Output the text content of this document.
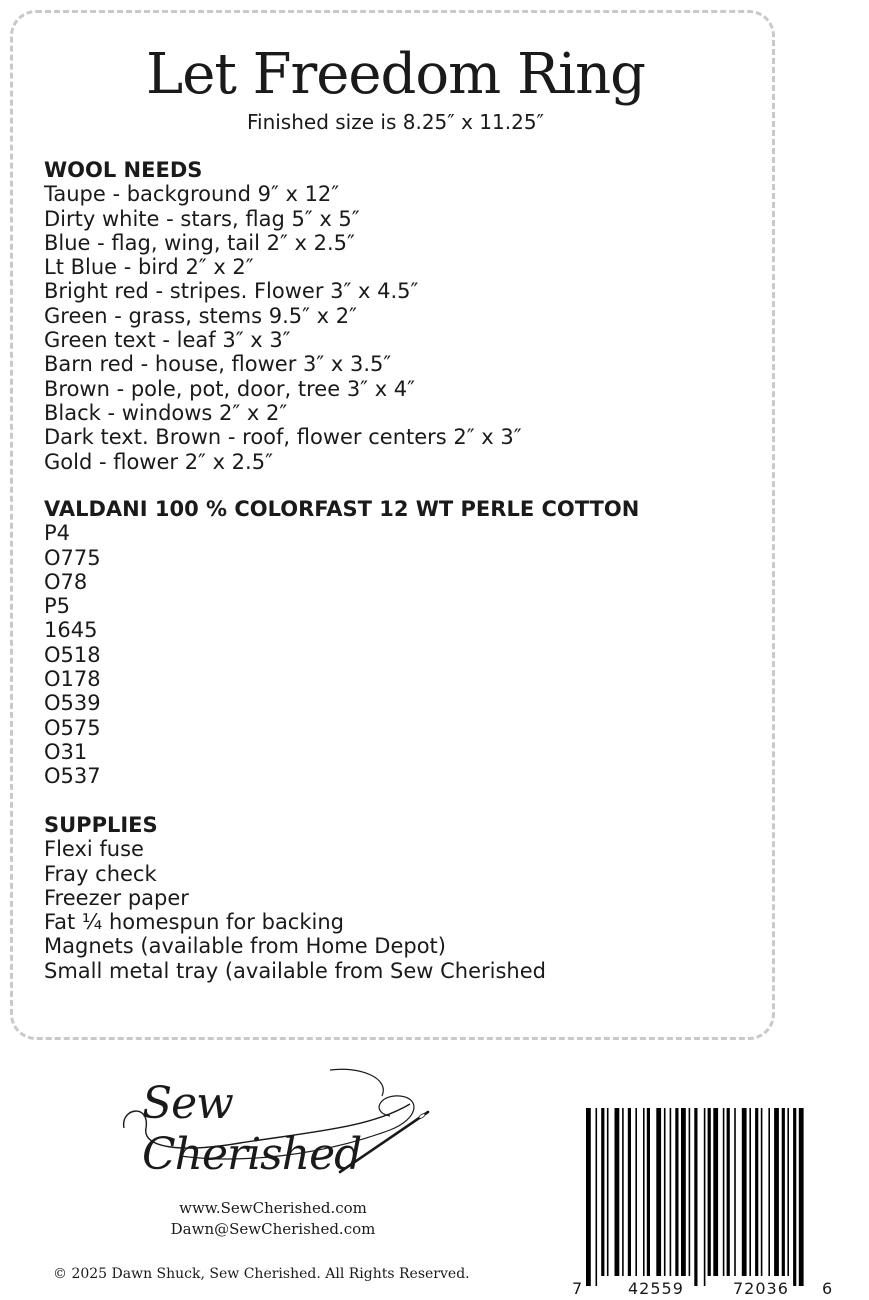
Let Freedom Ring
Finished size is 8.25″ x 11.25″
WOOL NEEDS
Taupe - background 9″ x 12″
Dirty white - stars, flag 5″ x 5″
Blue - flag, wing, tail 2″ x 2.5″
Lt Blue - bird 2″ x 2″
Bright red - stripes. Flower 3″ x 4.5″
Green - grass, stems 9.5″ x 2″
Green text - leaf 3″ x 3″
Barn red - house, flower 3″ x 3.5″
Brown - pole, pot, door, tree 3″ x 4″
Black - windows 2″ x 2″
Dark text. Brown - roof, flower centers 2″ x 3″
Gold - flower 2″ x 2.5″
VALDANI 100 % COLORFAST 12 WT PERLE COTTON
P4
O775
O78
P5
1645
O518
O178
O539
O575
O31
O537
SUPPLIES
Flexi fuse
Fray check
Freezer paper
Fat ¼ homespun for backing
Magnets (available from Home Depot)
Small metal tray (available from Sew Cherished
Sew Cherished
www.SewCherished.com
Dawn@SewCherished.com
© 2025 Dawn Shuck, Sew Cherished. All Rights Reserved.
7	42559	72036 6
